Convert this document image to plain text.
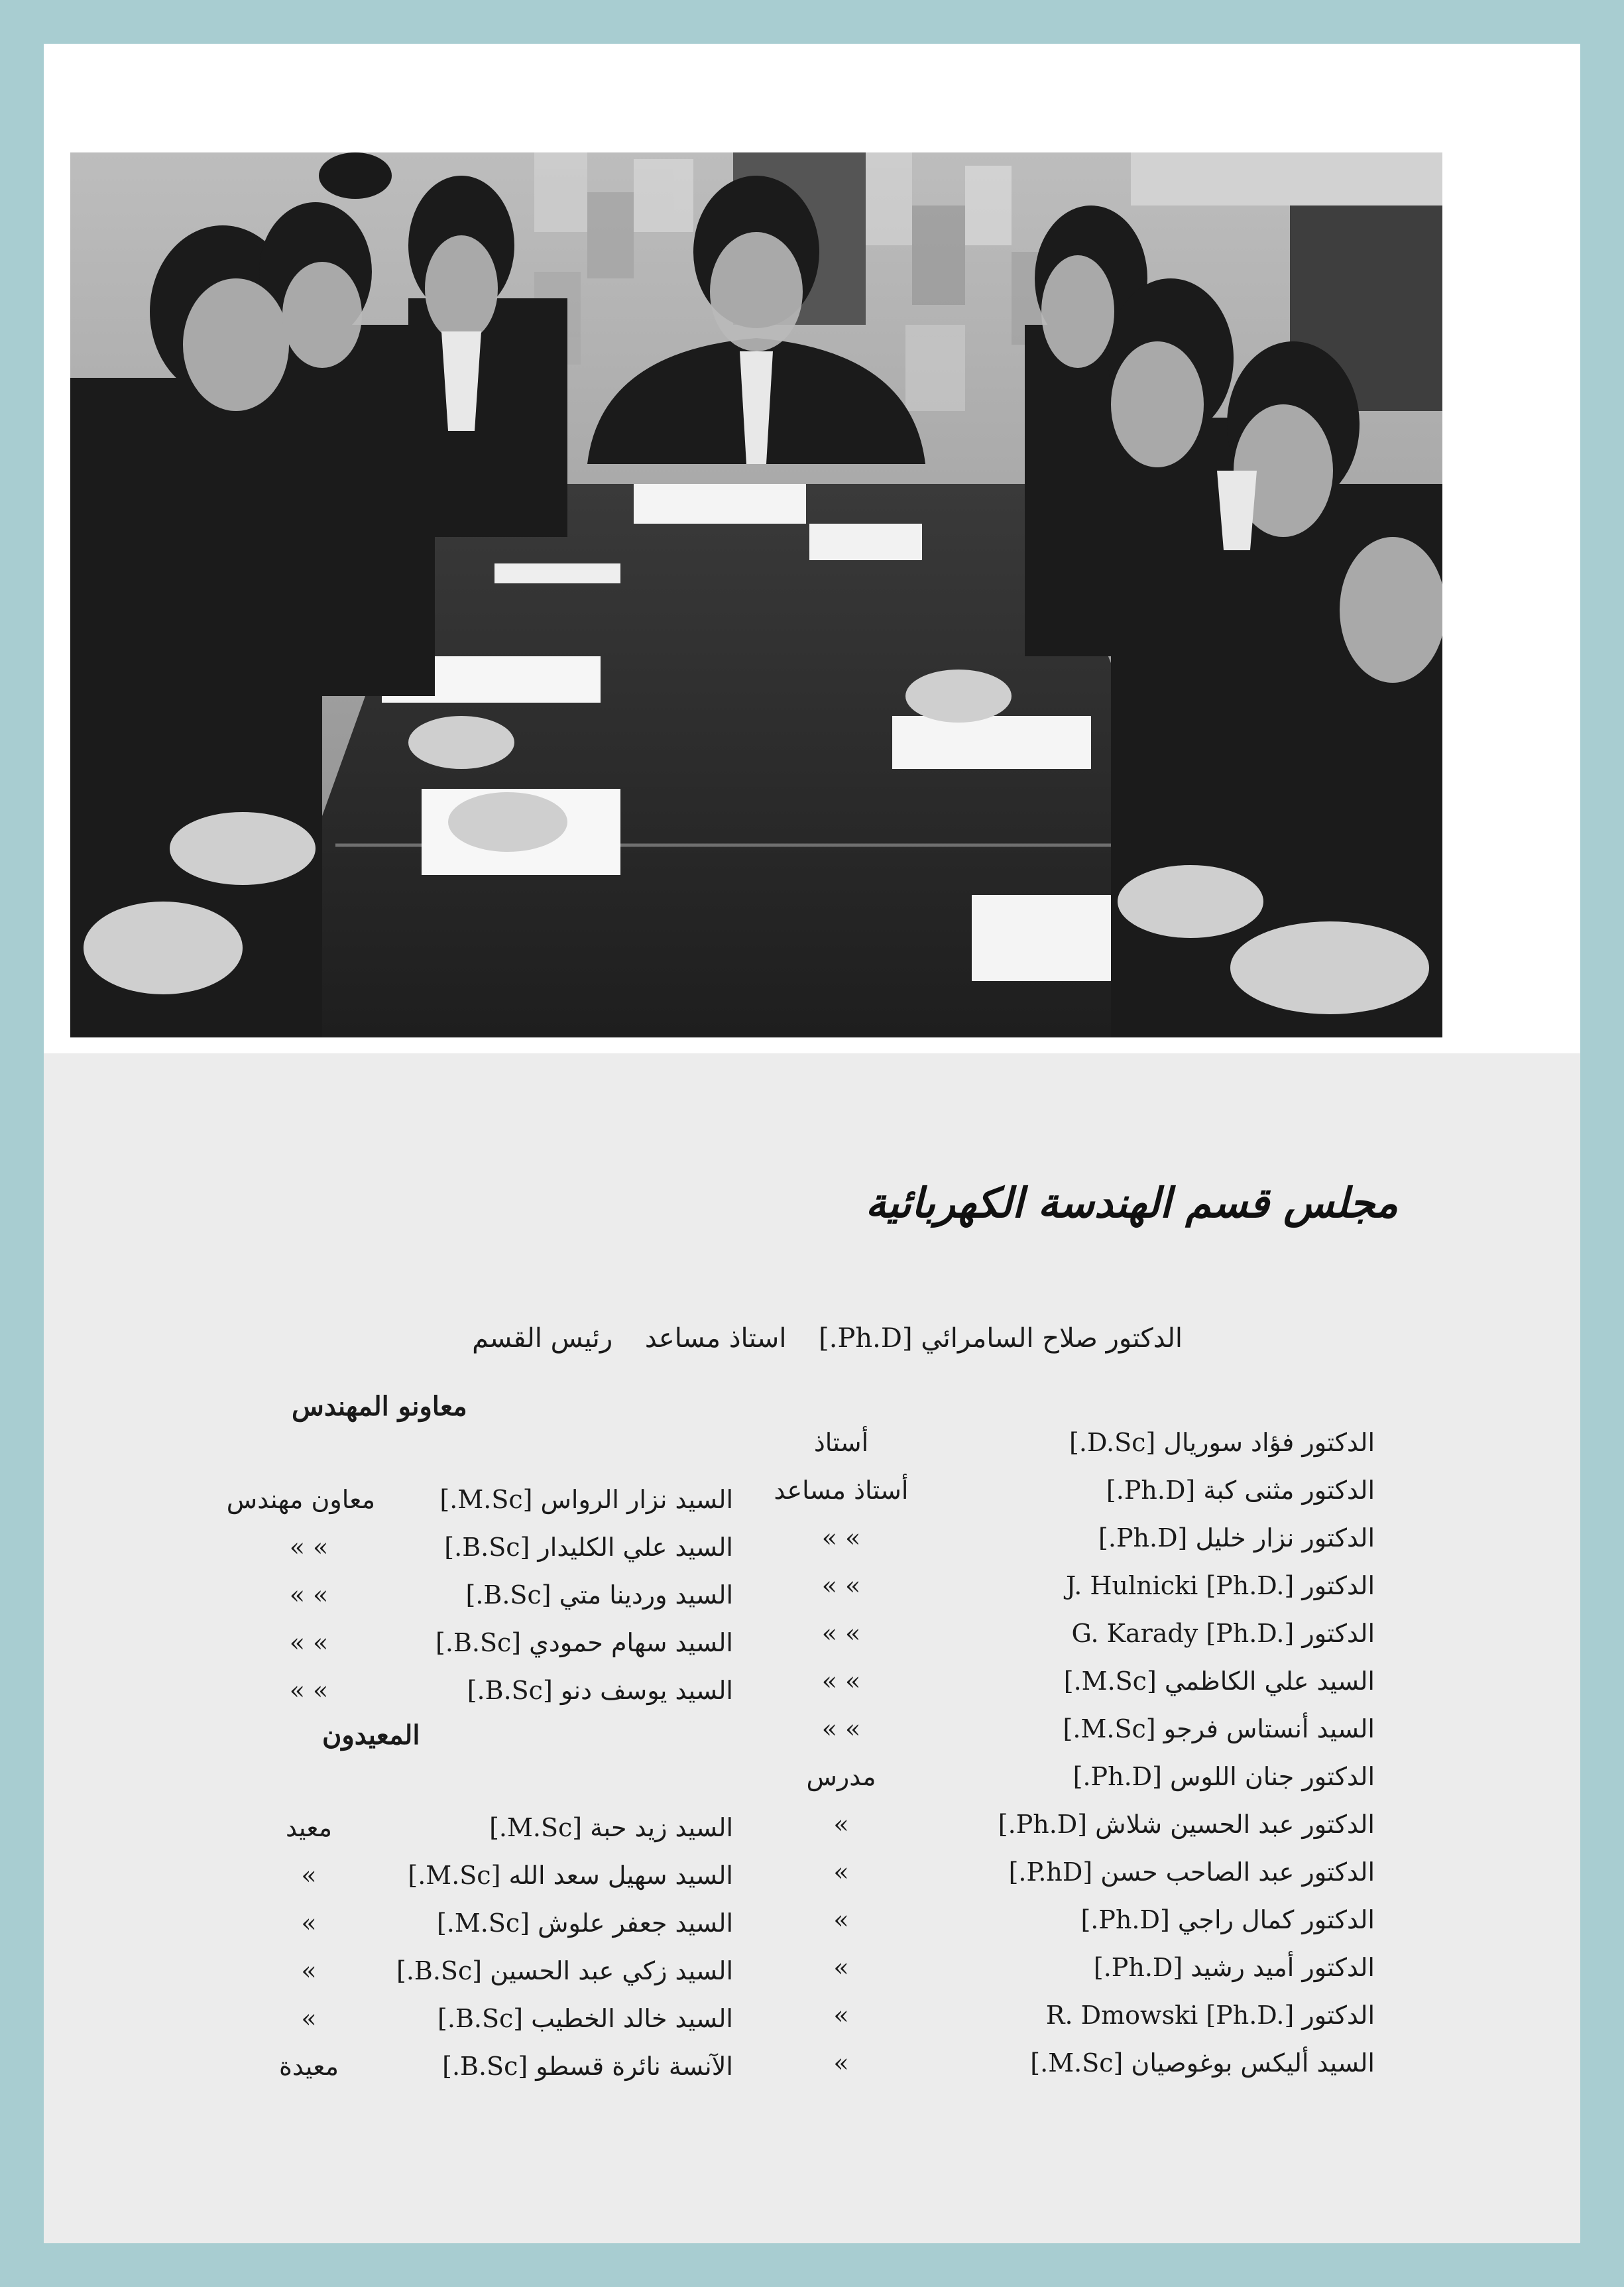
مجلس قسم الهندسة الكهربائية
الدكتور صلاح السامرائي [Ph.D.] استاذ مساعد رئيس القسم
الدكتور فؤاد سوريال [D.Sc.]
أستاذ
الدكتور مثنى كبة [Ph.D.]
أستاذ مساعد
الدكتور نزار خليل [Ph.D.]
» »
الدكتور J. Hulnicki [Ph.D.]
» »
الدكتور G. Karady [Ph.D.]
» »
السيد علي الكاظمي [M.Sc.]
» »
السيد أنستاس فرجو [M.Sc.]
» »
الدكتور جنان اللوس [Ph.D.]
مدرس
الدكتور عبد الحسين شلاش [Ph.D.]
»
الدكتور عبد الصاحب حسن [P.hD.]
»
الدكتور كمال راجي [Ph.D.]
»
الدكتور أميد رشيد [Ph.D.]
»
الدكتور R. Dmowski [Ph.D.]
»
السيد أليكس بوغوصيان [M.Sc.]
»
معاونو المهندس
السيد نزار الرواس [M.Sc.]
معاون مهندس
السيد علي الكليدار [B.Sc.]
» »
السيد وردينا متي [B.Sc.]
» »
السيد سهام حمودي [B.Sc.]
» »
السيد يوسف دنو [B.Sc.]
» »
المعيدون
السيد زيد حبة [M.Sc.]
معيد
السيد سهيل سعد الله [M.Sc.]
»
السيد جعفر علوش [M.Sc.]
»
السيد زكي عبد الحسين [B.Sc.]
»
السيد خالد الخطيب [B.Sc.]
»
الآنسة نائرة قسطو [B.Sc.]
معيدة
